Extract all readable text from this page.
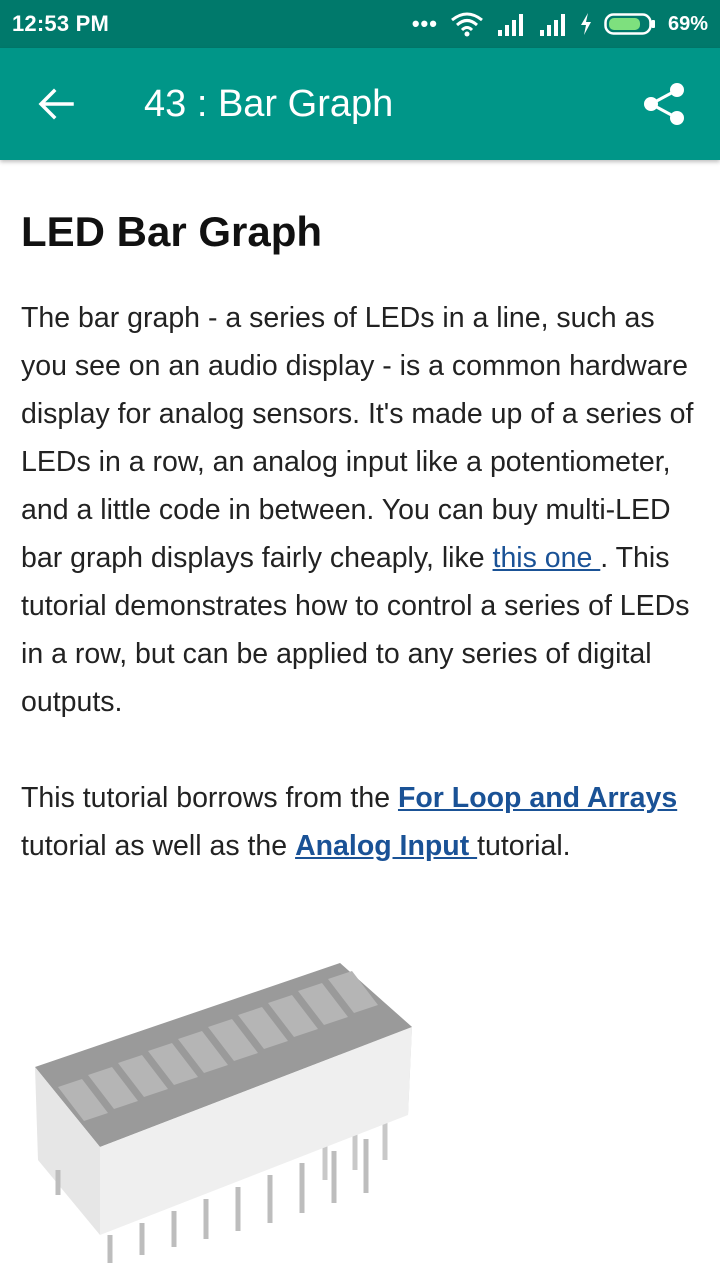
12:53 PM	•••	69%
43 : Bar Graph
LED Bar Graph

The bar graph - a series of LEDs in a line, such as you see on an audio display - is a common hardware display for analog sensors. It's made up of a series of LEDs in a row, an analog input like a potentiometer, and a little code in between. You can buy multi-LED bar graph displays fairly cheaply, like this one . This tutorial demonstrates how to control a series of LEDs in a row, but can be applied to any series of digital outputs.

This tutorial borrows from the For Loop and Arrays tutorial as well as the Analog Input tutorial.
